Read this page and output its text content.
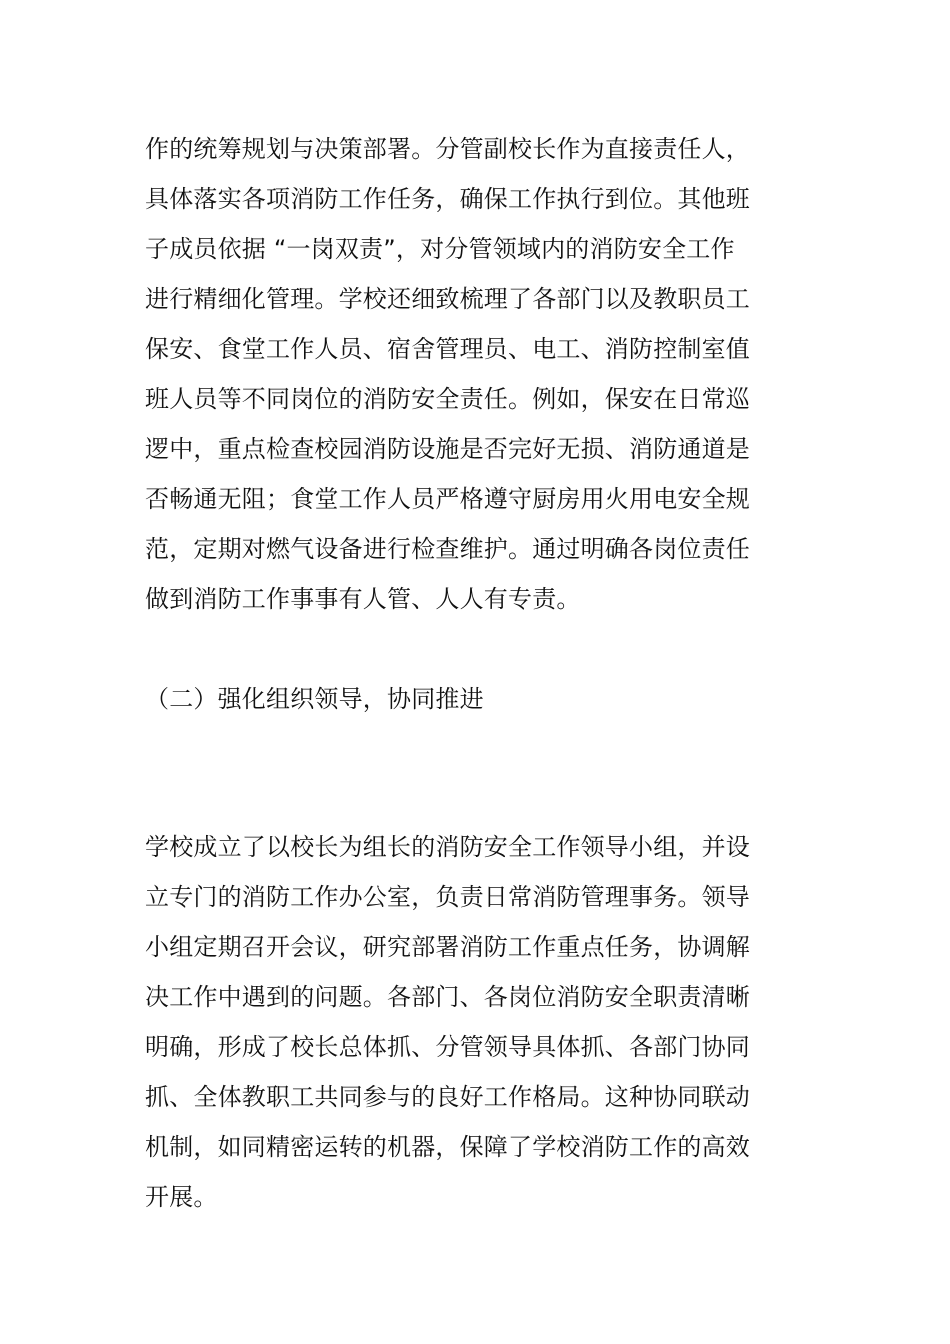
作的统筹规划与决策部署。分管副校长作为直接责任人，
具体落实各项消防工作任务，确保工作执行到位。其他班
子成员依据 “一岗双责”，对分管领域内的消防安全工作
进行精细化管理。学校还细致梳理了各部门以及教职员工
保安、食堂工作人员、宿舍管理员、电工、消防控制室值
班人员等不同岗位的消防安全责任。例如，保安在日常巡
逻中，重点检查校园消防设施是否完好无损、消防通道是
否畅通无阻；食堂工作人员严格遵守厨房用火用电安全规
范，定期对燃气设备进行检查维护。通过明确各岗位责任
做到消防工作事事有人管、人人有专责。
（二）强化组织领导，协同推进
学校成立了以校长为组长的消防安全工作领导小组，并设
立专门的消防工作办公室，负责日常消防管理事务。领导
小组定期召开会议，研究部署消防工作重点任务，协调解
决工作中遇到的问题。各部门、各岗位消防安全职责清晰
明确，形成了校长总体抓、分管领导具体抓、各部门协同
抓、全体教职工共同参与的良好工作格局。这种协同联动
机制，如同精密运转的机器，保障了学校消防工作的高效
开展。
